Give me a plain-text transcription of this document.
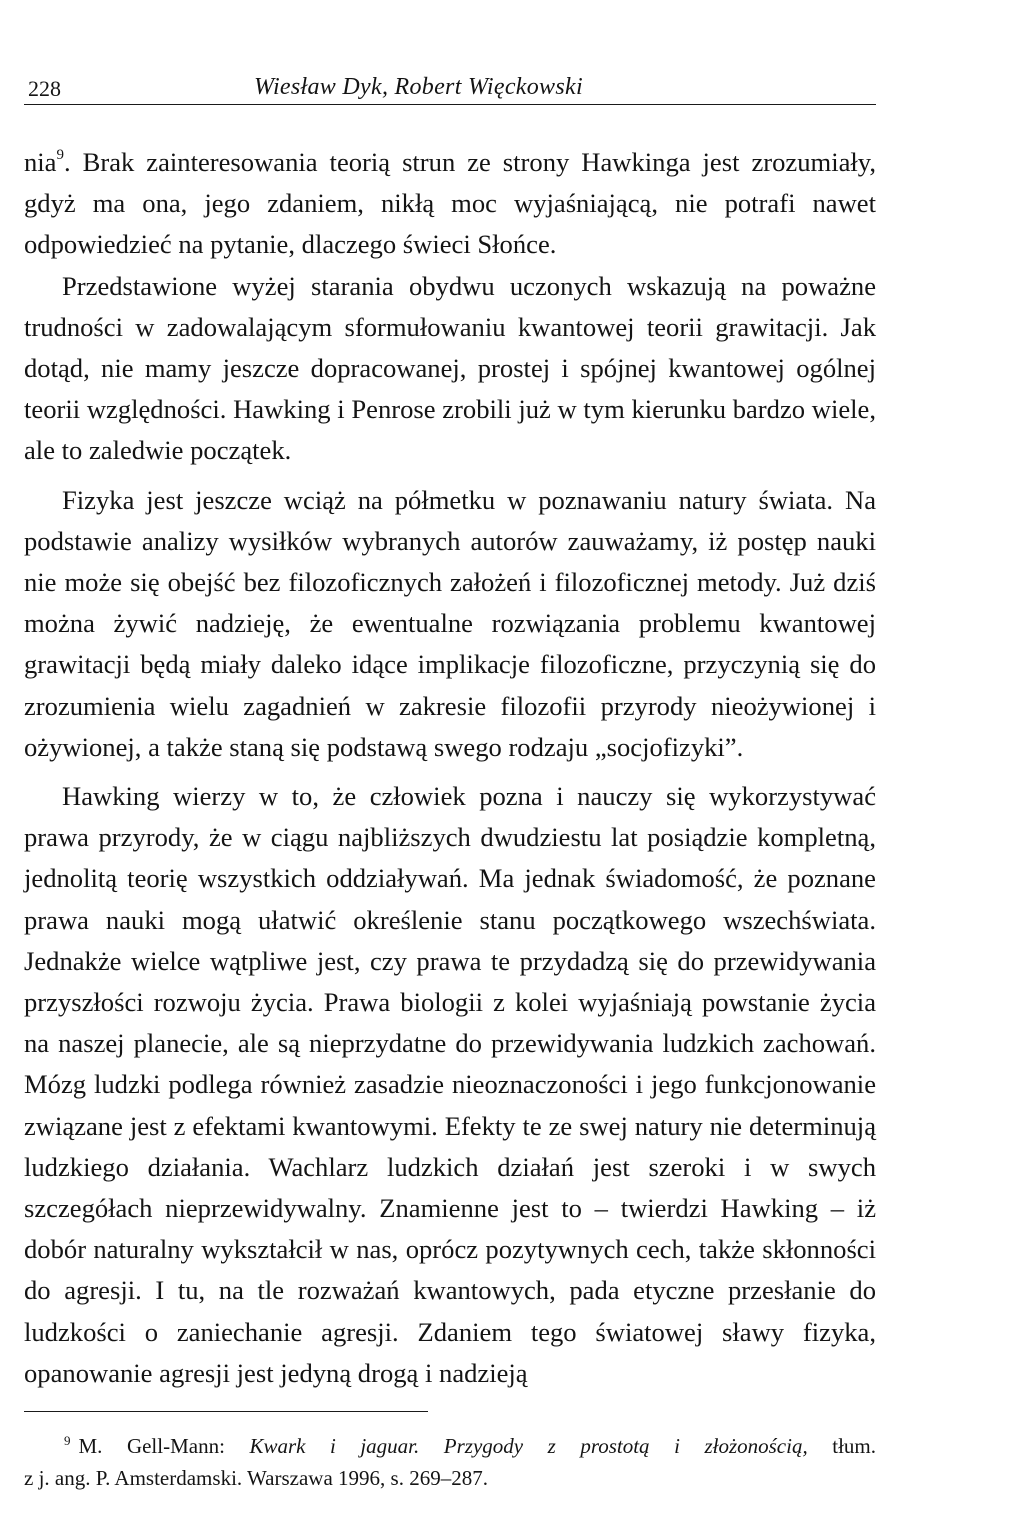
228	Wiesław Dyk, Robert Więckowski

nia$^9$. Brak zainteresowania teorią strun ze strony Hawkinga jest zrozumiały, gdyż ma ona, jego zdaniem, nikłą moc wyjaśniającą, nie potrafi nawet odpowiedzieć na pytanie, dlaczego świeci Słońce.

Przedstawione wyżej starania obydwu uczonych wskazują na poważne trudności w zadowalającym sformułowaniu kwantowej teorii grawitacji. Jak dotąd, nie mamy jeszcze dopracowanej, prostej i spójnej kwantowej ogólnej teorii względności. Hawking i Penrose zrobili już w tym kierunku bardzo wiele, ale to zaledwie początek.

Fizyka jest jeszcze wciąż na półmetku w poznawaniu natury świata. Na podstawie analizy wysiłków wybranych autorów zauważamy, iż postęp nauki nie może się obejść bez filozoficznych założeń i filozoficznej metody. Już dziś można żywić nadzieję, że ewentualne rozwiązania problemu kwantowej grawitacji będą miały daleko idące implikacje filozoficzne, przyczynią się do zrozumienia wielu zagadnień w zakresie filozofii przyrody nieożywionej i ożywionej, a także staną się podstawą swego rodzaju „socjofizyki”.

Hawking wierzy w to, że człowiek pozna i nauczy się wykorzystywać prawa przyrody, że w ciągu najbliższych dwudziestu lat posiądzie kompletną, jednolitą teorię wszystkich oddziaływań. Ma jednak świadomość, że poznane prawa nauki mogą ułatwić określenie stanu początkowego wszechświata. Jednakże wielce wątpliwe jest, czy prawa te przydadzą się do przewidywania przyszłości rozwoju życia. Prawa biologii z kolei wyjaśniają powstanie życia na naszej planecie, ale są nieprzydatne do przewidywania ludzkich zachowań. Mózg ludzki podlega również zasadzie nieoznaczoności i jego funkcjonowanie związane jest z efektami kwantowymi. Efekty te ze swej natury nie determinują ludzkiego działania. Wachlarz ludzkich działań jest szeroki i w swych szczegółach nieprzewidywalny. Znamienne jest to – twierdzi Hawking – iż dobór naturalny wykształcił w nas, oprócz pozytywnych cech, także skłonności do agresji. I tu, na tle rozważań kwantowych, pada etyczne przesłanie do ludzkości o zaniechanie agresji. Zdaniem tego światowej sławy fizyka, opanowanie agresji jest jedyną drogą i nadzieją

$^9$ M. Gell-Mann: Kwark i jaguar. Przygody z prostotą i złożonością, tłum.
z j. ang. P. Amsterdamski. Warszawa 1996, s. 269–287.
